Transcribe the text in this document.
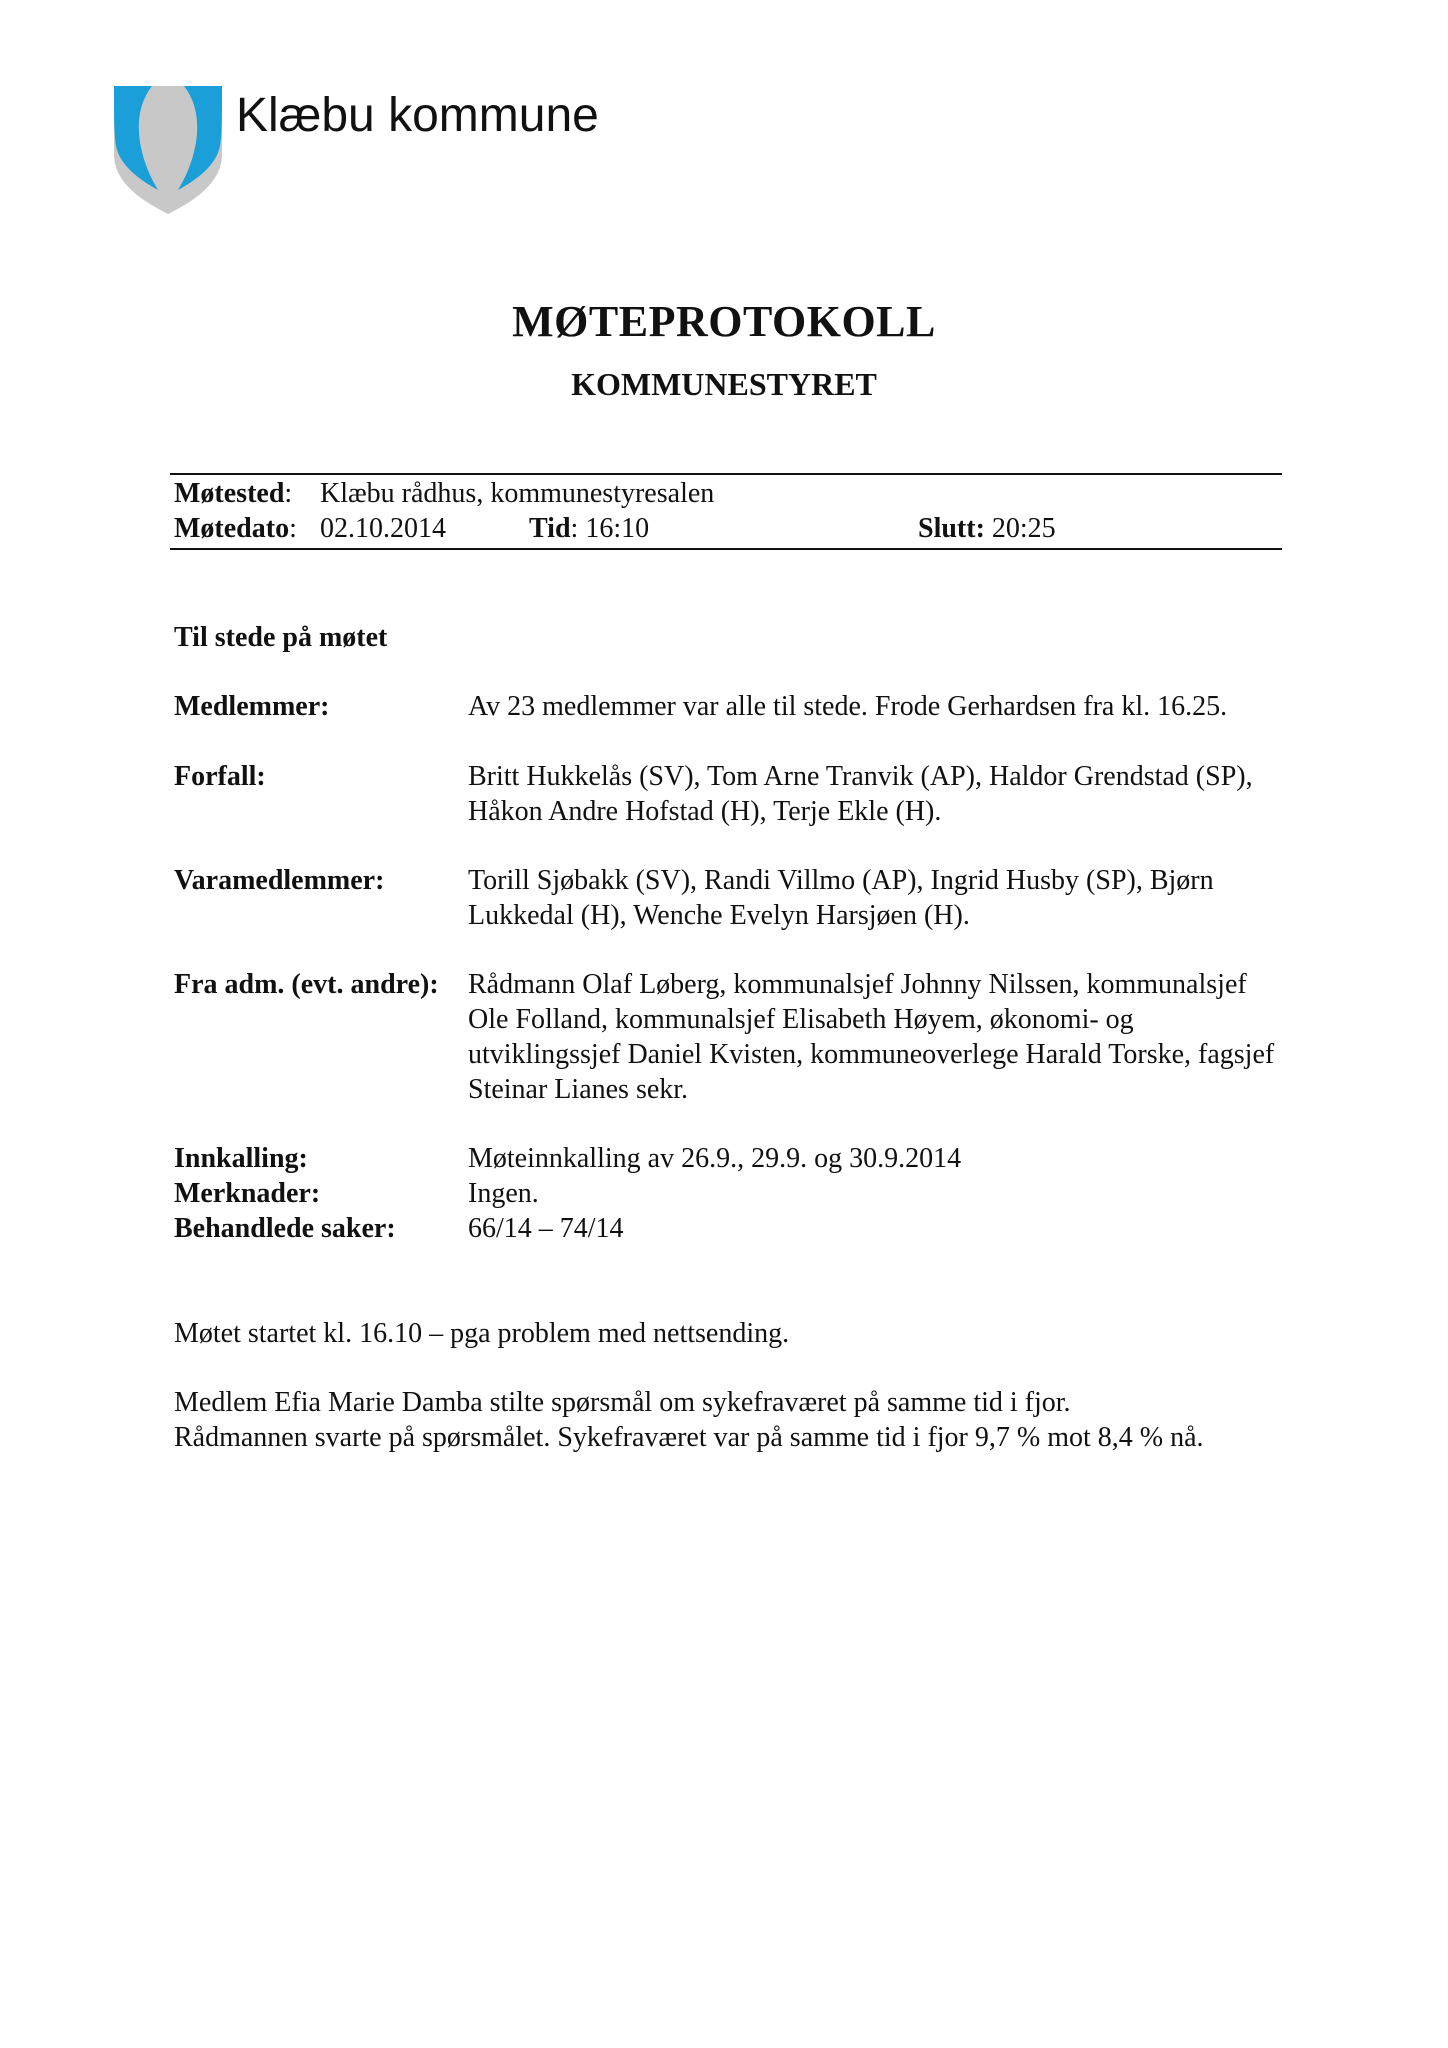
Klæbu kommune
MØTEPROTOKOLL
KOMMUNESTYRET
Møtested: Klæbu rådhus, kommunestyresalen
Møtedato: 02.10.2014	Tid: 16:10	Slutt: 20:25
Til stede på møtet
Medlemmer:	Av 23 medlemmer var alle til stede. Frode Gerhardsen fra kl. 16.25.
Forfall:	Britt Hukkelås (SV), Tom Arne Tranvik (AP), Haldor Grendstad (SP), Håkon Andre Hofstad (H), Terje Ekle (H).
Varamedlemmer:	Torill Sjøbakk (SV), Randi Villmo (AP), Ingrid Husby (SP), Bjørn Lukkedal (H), Wenche Evelyn Harsjøen (H).
Fra adm. (evt. andre): Rådmann Olaf Løberg, kommunalsjef Johnny Nilssen, kommunalsjef Ole Folland, kommunalsjef Elisabeth Høyem, økonomi- og utviklingssjef Daniel Kvisten, kommuneoverlege Harald Torske, fagsjef Steinar Lianes sekr.
Innkalling:	Møteinnkalling av 26.9., 29.9. og 30.9.2014
Merknader:	Ingen.
Behandlede saker:	66/14 – 74/14
Møtet startet kl. 16.10 – pga problem med nettsending.
Medlem Efia Marie Damba stilte spørsmål om sykefraværet på samme tid i fjor.
Rådmannen svarte på spørsmålet. Sykefraværet var på samme tid i fjor 9,7 % mot 8,4 % nå.
